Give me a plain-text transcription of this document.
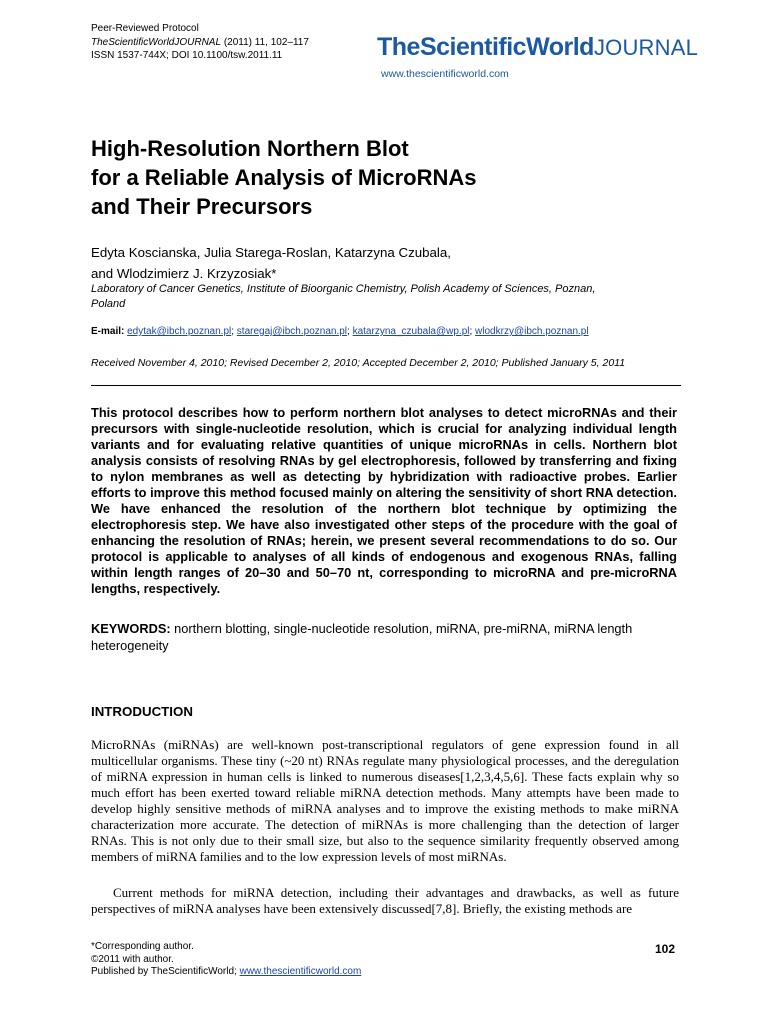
Peer-Reviewed Protocol
TheScientificWorldJOURNAL (2011) 11, 102–117
ISSN 1537-744X; DOI 10.1100/tsw.2011.11	TheScientificWorldJOURNAL
www.thescientificworld.com
High-Resolution Northern Blot
for a Reliable Analysis of MicroRNAs
and Their Precursors
Edyta Koscianska, Julia Starega-Roslan, Katarzyna Czubala,
and Wlodzimierz J. Krzyzosiak*
Laboratory of Cancer Genetics, Institute of Bioorganic Chemistry, Polish Academy of Sciences, Poznan, Poland
E-mail: edytak@ibch.poznan.pl; staregaj@ibch.poznan.pl; katarzyna_czubala@wp.pl; wlodkrzy@ibch.poznan.pl
Received November 4, 2010; Revised December 2, 2010; Accepted December 2, 2010; Published January 5, 2011
This protocol describes how to perform northern blot analyses to detect microRNAs and their precursors with single-nucleotide resolution, which is crucial for analyzing individual length variants and for evaluating relative quantities of unique microRNAs in cells. Northern blot analysis consists of resolving RNAs by gel electrophoresis, followed by transferring and fixing to nylon membranes as well as detecting by hybridization with radioactive probes. Earlier efforts to improve this method focused mainly on altering the sensitivity of short RNA detection. We have enhanced the resolution of the northern blot technique by optimizing the electrophoresis step. We have also investigated other steps of the procedure with the goal of enhancing the resolution of RNAs; herein, we present several recommendations to do so. Our protocol is applicable to analyses of all kinds of endogenous and exogenous RNAs, falling within length ranges of 20–30 and 50–70 nt, corresponding to microRNA and pre-microRNA lengths, respectively.
KEYWORDS: northern blotting, single-nucleotide resolution, miRNA, pre-miRNA, miRNA length heterogeneity
INTRODUCTION
MicroRNAs (miRNAs) are well-known post-transcriptional regulators of gene expression found in all multicellular organisms. These tiny (~20 nt) RNAs regulate many physiological processes, and the deregulation of miRNA expression in human cells is linked to numerous diseases[1,2,3,4,5,6]. These facts explain why so much effort has been exerted toward reliable miRNA detection methods. Many attempts have been made to develop highly sensitive methods of miRNA analyses and to improve the existing methods to make miRNA characterization more accurate. The detection of miRNAs is more challenging than the detection of larger RNAs. This is not only due to their small size, but also to the sequence similarity frequently observed among members of miRNA families and to the low expression levels of most miRNAs.
Current methods for miRNA detection, including their advantages and drawbacks, as well as future perspectives of miRNA analyses have been extensively discussed[7,8]. Briefly, the existing methods are
*Corresponding author.
©2011 with author.
Published by TheScientificWorld; www.thescientificworld.com
102
